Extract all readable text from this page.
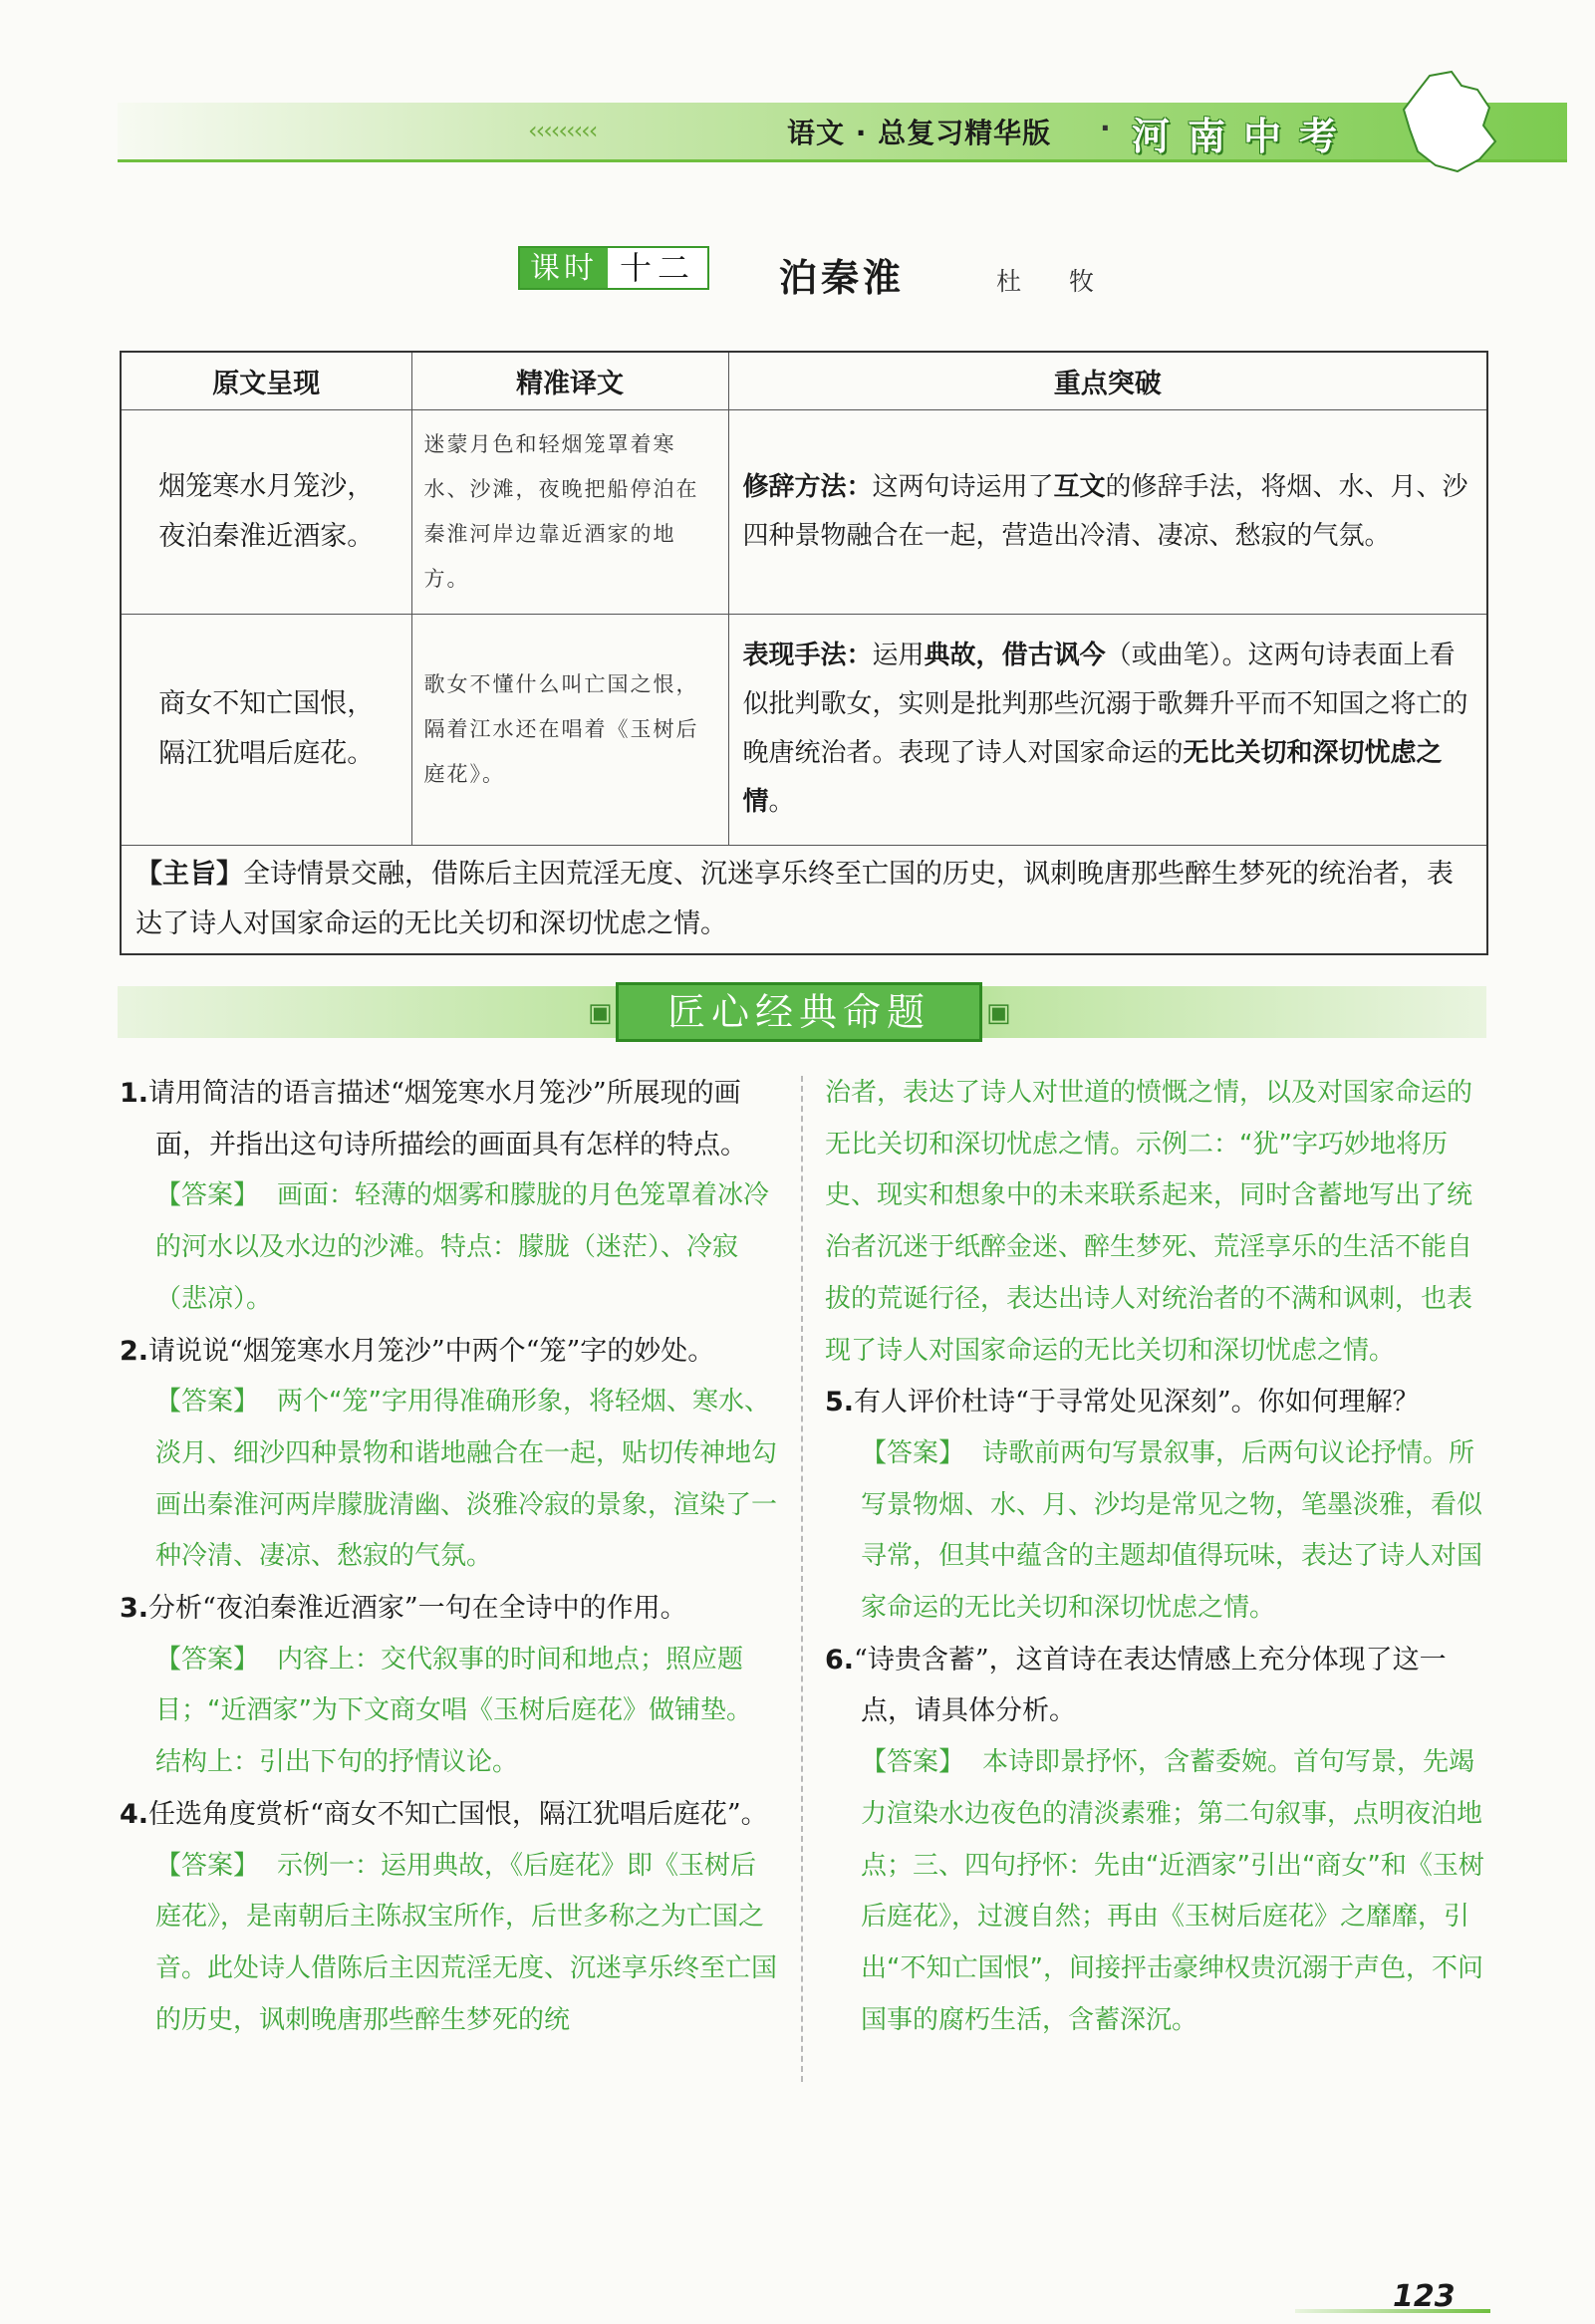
‹‹‹‹‹‹‹‹‹	语文 · 总复习精华版 · 河南中考
课时 十二	泊秦淮	杜 牧
原文呈现	精准译文	重点突破

烟笼寒水月笼沙，
夜泊秦淮近酒家。	迷蒙月色和轻烟笼罩着寒水、沙滩，夜晚把船停泊在秦淮河岸边靠近酒家的地方。	修辞方法：这两句诗运用了互文的修辞手法，将烟、水、月、沙四种景物融合在一起，营造出冷清、凄凉、愁寂的气氛。

商女不知亡国恨，
隔江犹唱后庭花。	歌女不懂什么叫亡国之恨，隔着江水还在唱着《玉树后庭花》。	表现手法：运用典故，借古讽今（或曲笔）。这两句诗表面上看似批判歌女，实则是批判那些沉溺于歌舞升平而不知国之将亡的晚唐统治者。表现了诗人对国家命运的无比关切和深切忧虑之情。
【主旨】全诗情景交融，借陈后主因荒淫无度、沉迷享乐终至亡国的历史，讽刺晚唐那些醉生梦死的统治者，表达了诗人对国家命运的无比关切和深切忧虑之情。		
▣	匠心经典命题	▣
1.请用简洁的语言描述“烟笼寒水月笼沙”所展现的画面，并指出这句诗所描绘的画面具有怎样的特点。
【答案】 画面：轻薄的烟雾和朦胧的月色笼罩着冰冷的河水以及水边的沙滩。特点：朦胧（迷茫）、冷寂（悲凉）。
2.请说说“烟笼寒水月笼沙”中两个“笼”字的妙处。
【答案】 两个“笼”字用得准确形象，将轻烟、寒水、淡月、细沙四种景物和谐地融合在一起，贴切传神地勾画出秦淮河两岸朦胧清幽、淡雅冷寂的景象，渲染了一种冷清、凄凉、愁寂的气氛。
3.分析“夜泊秦淮近酒家”一句在全诗中的作用。
【答案】 内容上：交代叙事的时间和地点；照应题目；“近酒家”为下文商女唱《玉树后庭花》做铺垫。
结构上：引出下句的抒情议论。
4.任选角度赏析“商女不知亡国恨，隔江犹唱后庭花”。
【答案】 示例一：运用典故，《后庭花》即《玉树后庭花》，是南朝后主陈叔宝所作，后世多称之为亡国之音。此处诗人借陈后主因荒淫无度、沉迷享乐终至亡国的历史，讽刺晚唐那些醉生梦死的统
治者，表达了诗人对世道的愤慨之情，以及对国家命运的无比关切和深切忧虑之情。示例二：“犹”字巧妙地将历史、现实和想象中的未来联系起来，同时含蓄地写出了统治者沉迷于纸醉金迷、醉生梦死、荒淫享乐的生活不能自拔的荒诞行径，表达出诗人对统治者的不满和讽刺，也表现了诗人对国家命运的无比关切和深切忧虑之情。
5.有人评价杜诗“于寻常处见深刻”。你如何理解？
【答案】 诗歌前两句写景叙事，后两句议论抒情。所写景物烟、水、月、沙均是常见之物，笔墨淡雅，看似寻常，但其中蕴含的主题却值得玩味，表达了诗人对国家命运的无比关切和深切忧虑之情。
6.“诗贵含蓄”，这首诗在表达情感上充分体现了这一点，请具体分析。
【答案】 本诗即景抒怀，含蓄委婉。首句写景，先竭力渲染水边夜色的清淡素雅；第二句叙事，点明夜泊地点；三、四句抒怀：先由“近酒家”引出“商女”和《玉树后庭花》，过渡自然；再由《玉树后庭花》之靡靡，引出“不知亡国恨”，间接抨击豪绅权贵沉溺于声色，不问国事的腐朽生活，含蓄深沉。
123
